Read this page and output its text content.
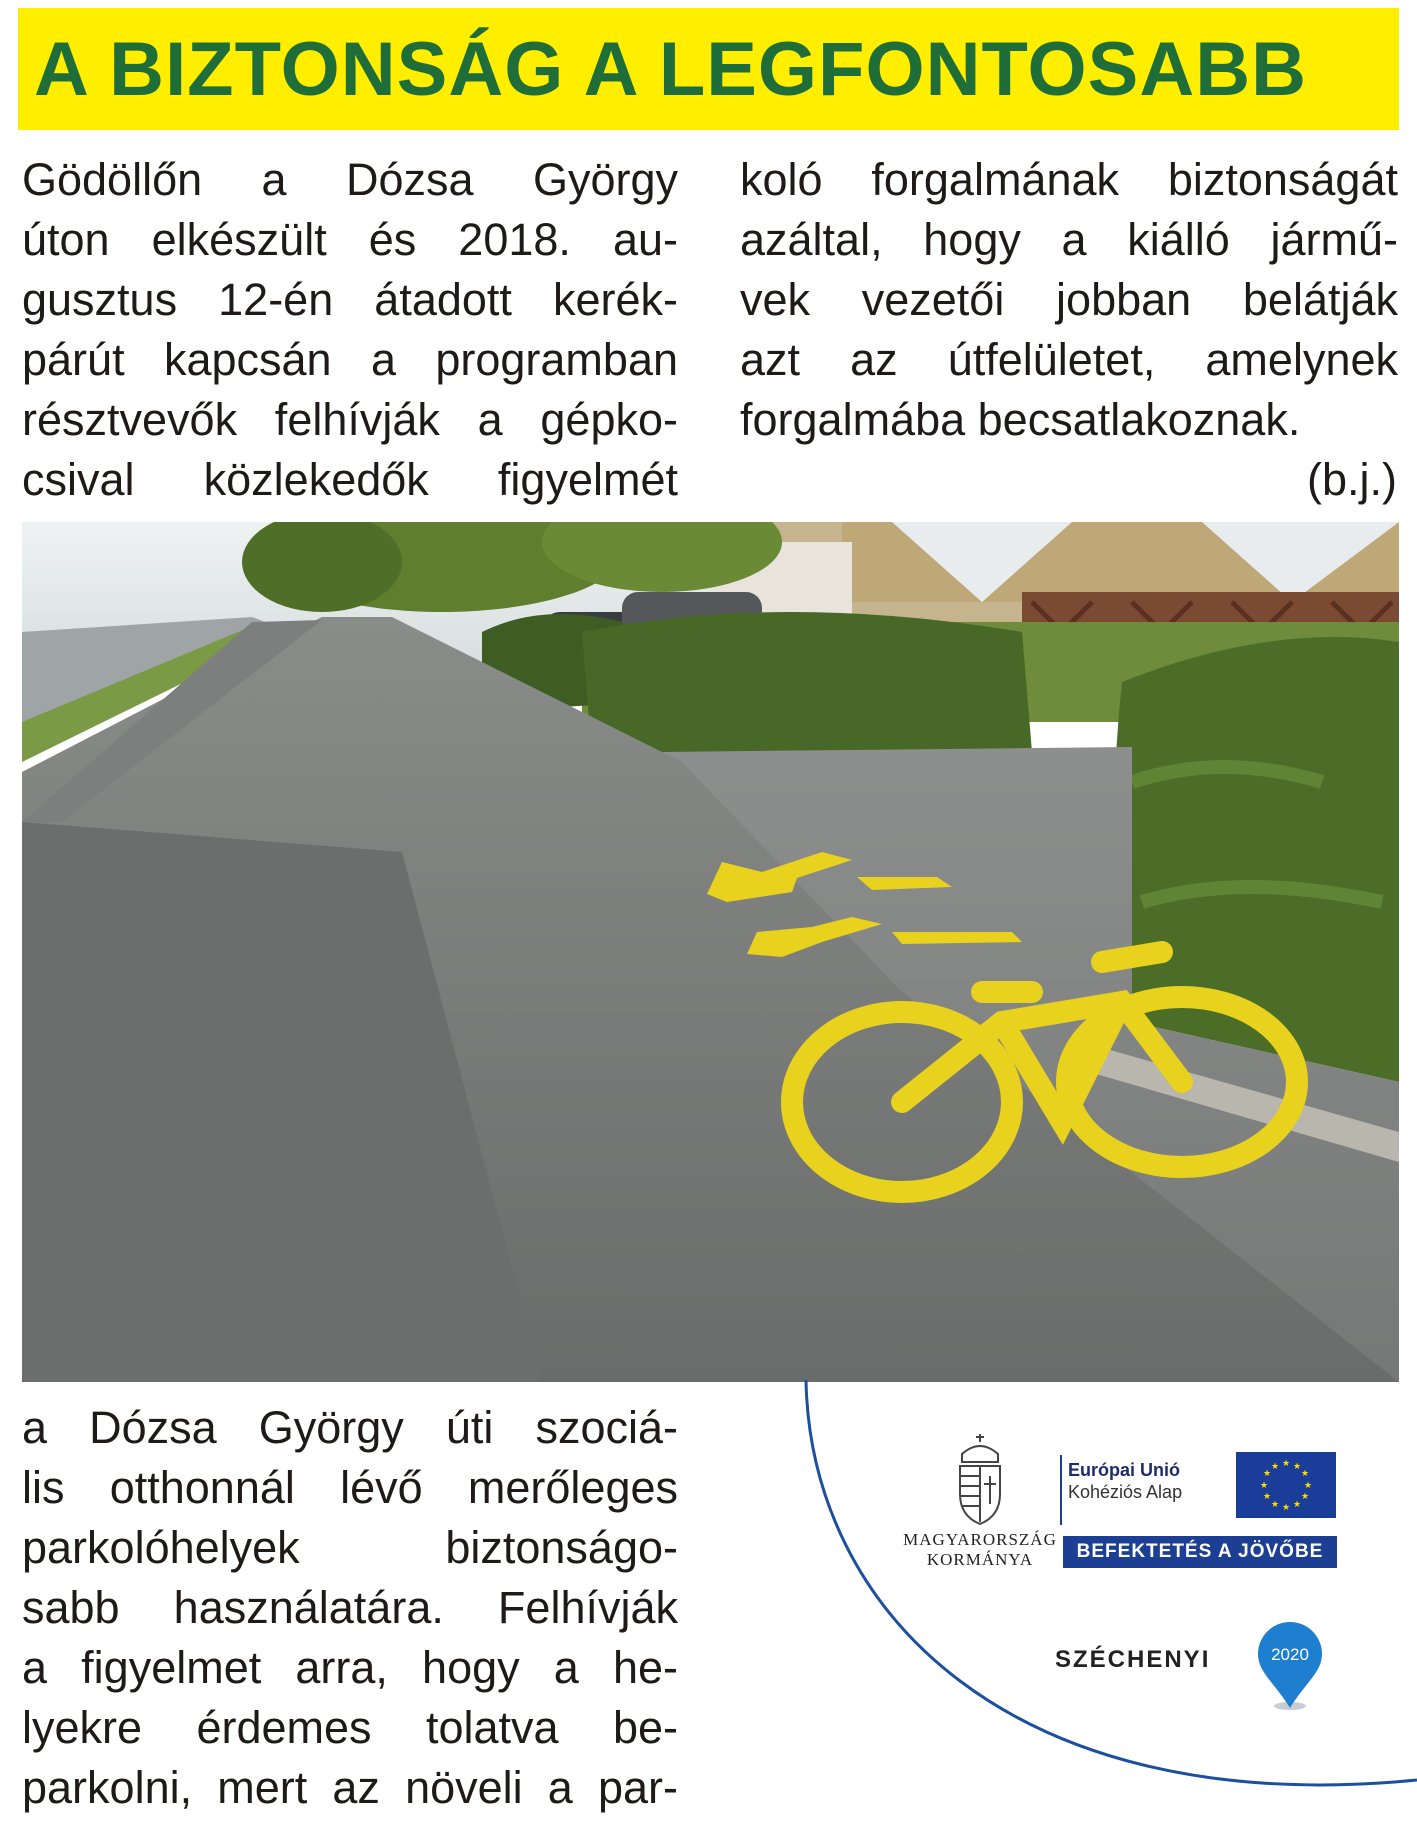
A BIZTONSÁG A LEGFONTOSABB
Gödöllőn a Dózsa György
úton elkészült és 2018. au-
gusztus 12-én átadott kerék-
párút kapcsán a programban
résztvevők felhívják a gépko-
csival közlekedők figyelmét
koló forgalmának biztonságát
azáltal, hogy a kiálló jármű-
vek vezetői jobban belátják
azt az útfelületet, amelynek
forgalmába becsatlakoznak.
(b.j.)
a Dózsa György úti szociá-
lis otthonnál lévő merőleges
parkolóhelyek biztonságo-
sabb használatára. Felhívják
a figyelmet arra, hogy a he-
lyekre érdemes tolatva be-
parkolni, mert az növeli a par-
MAGYARORSZÁG
KORMÁNYA
Európai Unió
Kohéziós Alap
★ ★
★
★
★
★
★
★
★
★
★
★
BEFEKTETÉS A JÖVŐBE
SZÉCHENYI	2020
